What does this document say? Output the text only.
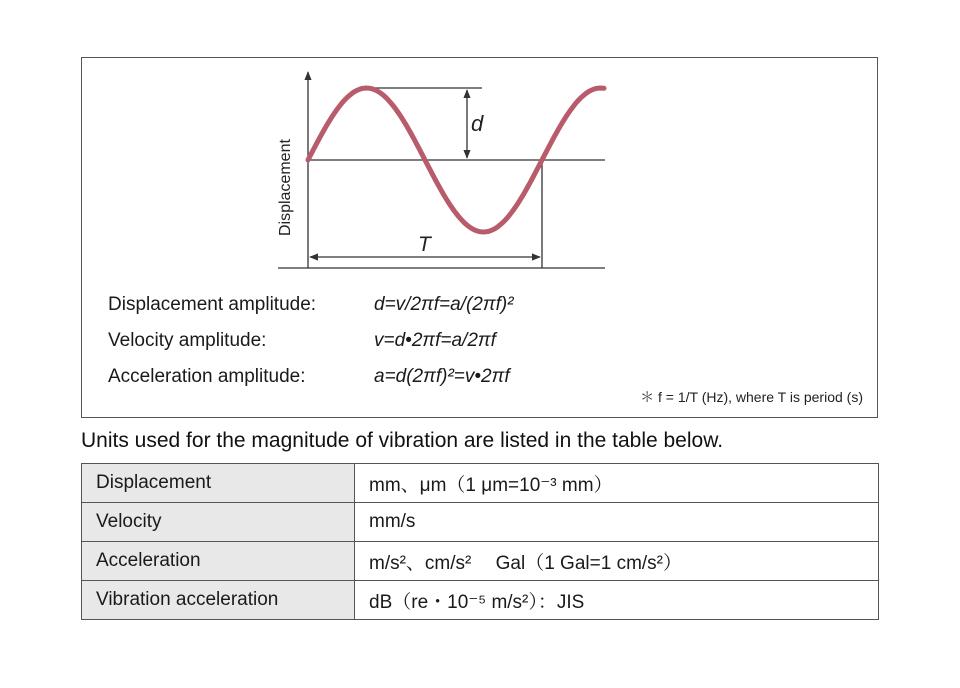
Displacement
d
T
Displacement amplitude:	d=v/2πf=a/(2πf)²
Velocity amplitude:	v=d•2πf=a/2πf
Acceleration amplitude:	a=d(2πf)²=v•2πf
＊ f = 1/T (Hz), where T is period (s)
Units used for the magnitude of vibration are listed in the table below.
Displacement	mm、μm（1 μm=10⁻³ mm）
Velocity	mm/s
Acceleration	m/s²、cm/s²　 Gal（1 Gal=1 cm/s²）
Vibration acceleration	dB（re・10⁻⁵ m/s²）：JIS
